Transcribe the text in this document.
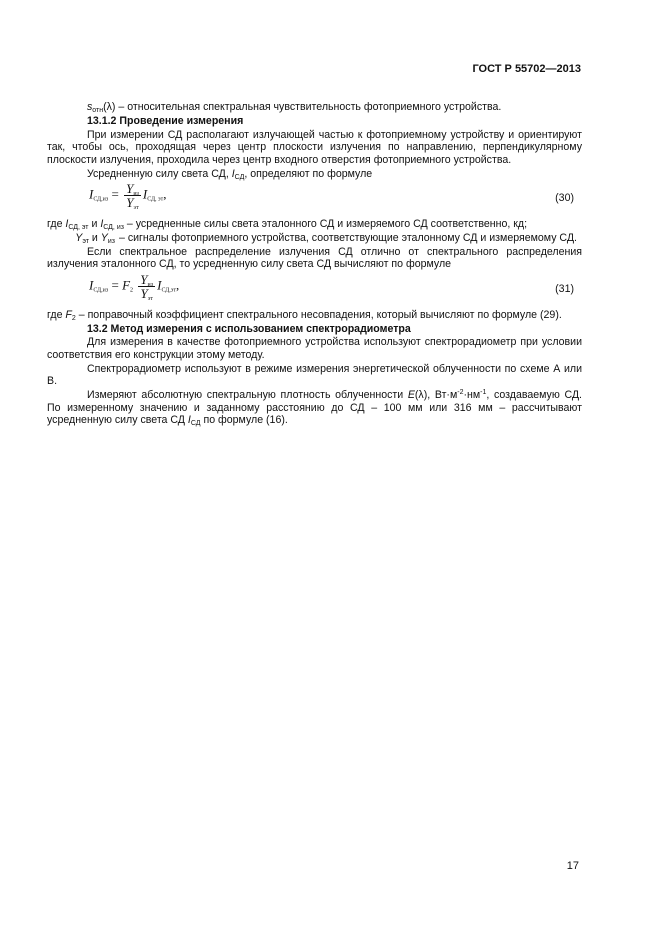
ГОСТ Р 55702—2013

$s_{отн}(\lambda)$ – относительная спектральная чувствительность фотоприемного устройства.

13.1.2 Проведение измерения

При измерении СД располагают излучающей частью к фотоприемному устройству и ориентируют так, чтобы ось, проходящая через центр плоскости излучения по направлению, перпендикулярному плоскости излучения, проходила через центр входного отверстия фотоприемного устройства.

Усредненную силу света СД, $I_{СД}$, определяют по формуле

$I_{СД,из} = \frac{Y_{из}}{Y_{эт}} I_{СД, эт}$,	(30)

где $I_{СД, эт}$ и $I_{СД, из}$ – усредненные силы света эталонного СД и измеряемого СД соответственно, кд;

$Y_{эт}$ и $Y_{из}$ – сигналы фотоприемного устройства, соответствующие эталонному СД и измеряемому СД.

Если спектральное распределение излучения СД отлично от спектрального распределения излучения эталонного СД, то усредненную силу света СД вычисляют по формуле

$I_{СД,из} = F_2 \frac{Y_{из}}{Y_{эт}} I_{СД,эт}$,	(31)

где $F_2$ – поправочный коэффициент спектрального несовпадения, который вычисляют по формуле (29).

13.2 Метод измерения с использованием спектрорадиометра

Для измерения в качестве фотоприемного устройства используют спектрорадиометр при условии соответствия его конструкции этому методу.

Спектрорадиометр используют в режиме измерения энергетической облученности по схеме А или В.

Измеряют абсолютную спектральную плотность облученности E(λ), $Вт\cdot м^{-2}\cdot нм^{-1}$, создаваемую СД. По измеренному значению и заданному расстоянию до СД – 100 мм или 316 мм – рассчитывают усредненную силу света СД $I_{СД}$ по формуле (16).

17
